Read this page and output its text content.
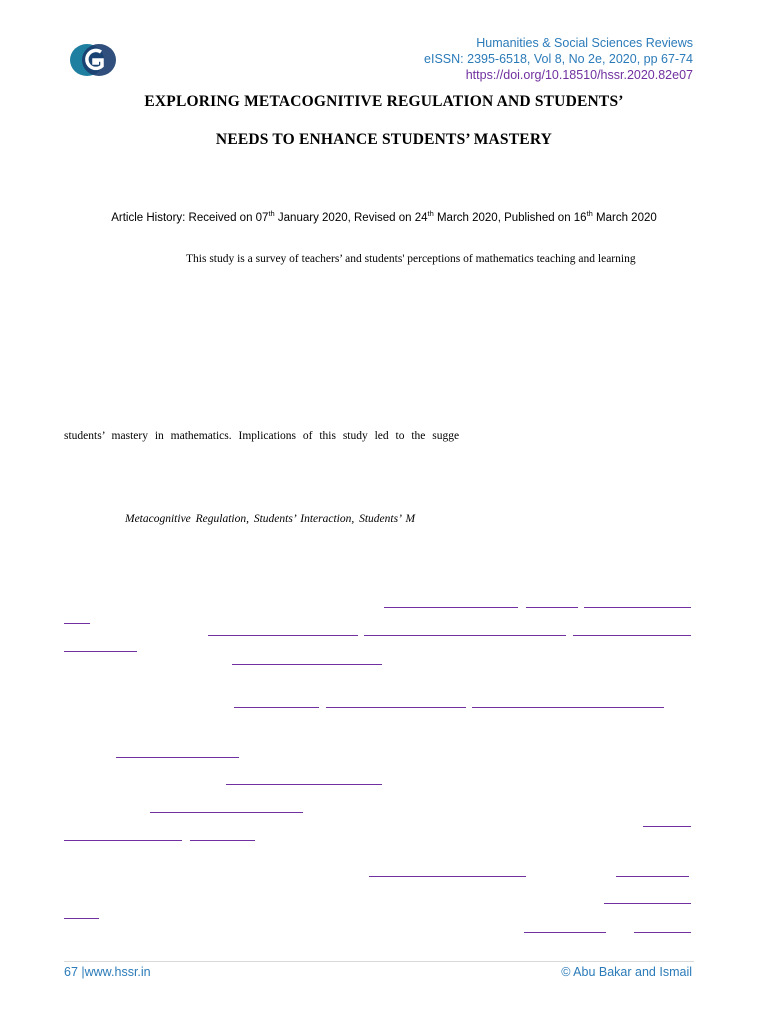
Humanities & Social Sciences Reviews
eISSN: 2395-6518, Vol 8, No 2e, 2020, pp 67-74
https://doi.org/10.18510/hssr.2020.82e07
EXPLORING METACOGNITIVE REGULATION AND STUDENTS’
NEEDS TO ENHANCE STUDENTS’ MASTERY
Article History: Received on 07th January 2020, Revised on 24th March 2020, Published on 16th March 2020
This study is a survey of teachers’ and students' perceptions of mathematics teaching and learning
students’ mastery in mathematics. Implications of this study led to the sugge
Metacognitive Regulation, Students’ Interaction, Students’ M
67 |www.hssr.in	© Abu Bakar and Ismail
